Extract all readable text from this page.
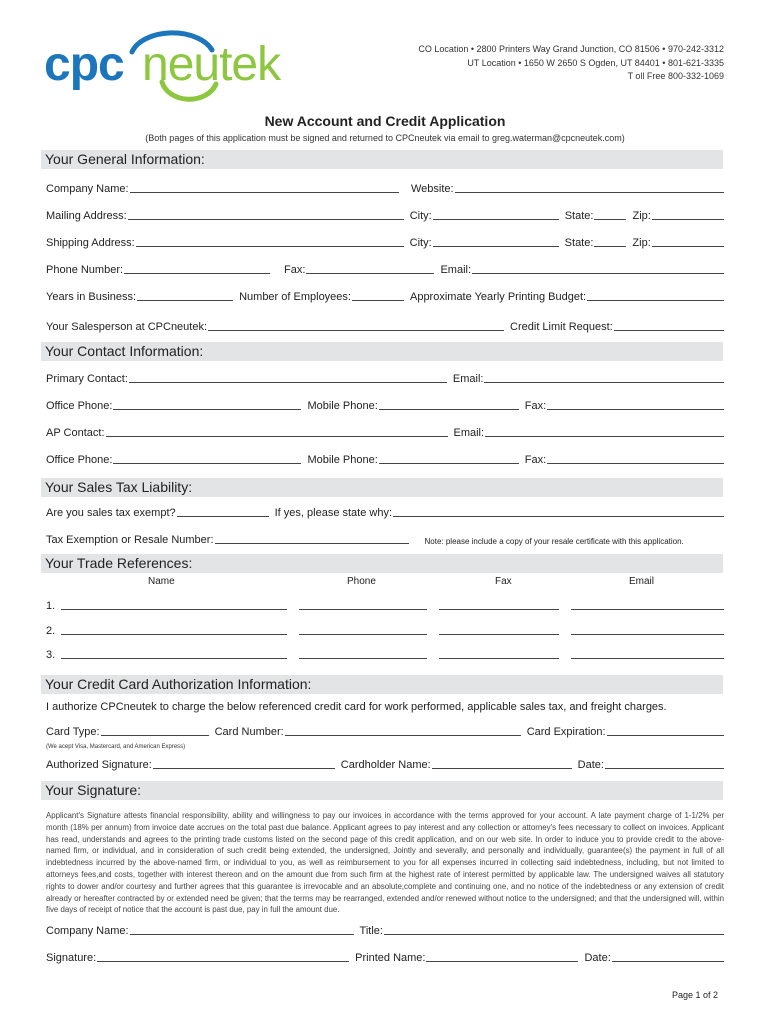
cpc neutek	CO Location • 2800 Printers Way Grand Junction, CO 81506 • 970-242-3312
UT Location • 1650 W 2650 S Ogden, UT 84401 • 801-621-3335
T oll Free 800-332-1069
New Account and Credit Application
(Both pages of this application must be signed and returned to CPCneutek via email to greg.waterman@cpcneutek.com)
Your General Information:
Company Name:	Website:
Mailing Address:	City:	State:	Zip:
Shipping Address:	City:	State:	Zip:
Phone Number:	Fax:	Email:
Years in Business:	Number of Employees:	Approximate Yearly Printing Budget:
Your Salesperson at CPCneutek:	Credit Limit Request:
Your Contact Information:
Primary Contact:	Email:
Office Phone:	Mobile Phone:	Fax:
AP Contact:	Email:
Office Phone:	Mobile Phone:	Fax:
Your Sales Tax Liability:
Are you sales tax exempt?	If yes, please state why:
Tax Exemption or Resale Number:	Note: please include a copy of your resale certificate with this application.
Your Trade References:
Name	Phone	Fax	Email
1.
2.
3.
Your Credit Card Authorization Information:
I authorize CPCneutek to charge the below referenced credit card for work performed, applicable sales tax, and freight charges.
Card Type:	Card Number:	Card Expiration:
(We acept Visa, Mastercard, and American Express)
Authorized Signature:	Cardholder Name:	Date:
Your Signature:
Applicant's Signature attests financial responsibility, ability and willingness to pay our invoices in accordance with the terms approved for your account. A late payment charge of 1-1/2% per month (18% per annum) from invoice date accrues on the total past due balance. Applicant agrees to pay interest and any collection or attorney's fees necessary to collect on invoices. Applicant has read, understands and agrees to the printing trade customs listed on the second page of this credit application, and on our web site. In order to induce you to provide credit to the above-named firm, or individual, and in consideration of such credit being extended, the undersigned, Jointly and severally, and personally and individually, guarantee(s) the payment in full of all indebtedness incurred by the above-named firm, or individual to you, as well as reimbursement to you for all expenses incurred in collecting said indebtedness, including, but not limited to attorneys fees,and costs, together with interest thereon and on the amount due from such firm at the highest rate of interest permitted by applicable law. The undersigned waives all statutory rights to dower and/or courtesy and further agrees that this guarantee is irrevocable and an absolute,complete and continuing one, and no notice of the indebtedness or any extension of credit already or hereafter contracted by or extended need be given; that the terms may be rearranged, extended and/or renewed without notice to the undersigned; and that the undersigned will, within five days of receipt of notice that the account is past due, pay in full the amount due.
Company Name:	Title:
Signature:	Printed Name:	Date:
Page 1 of 2
